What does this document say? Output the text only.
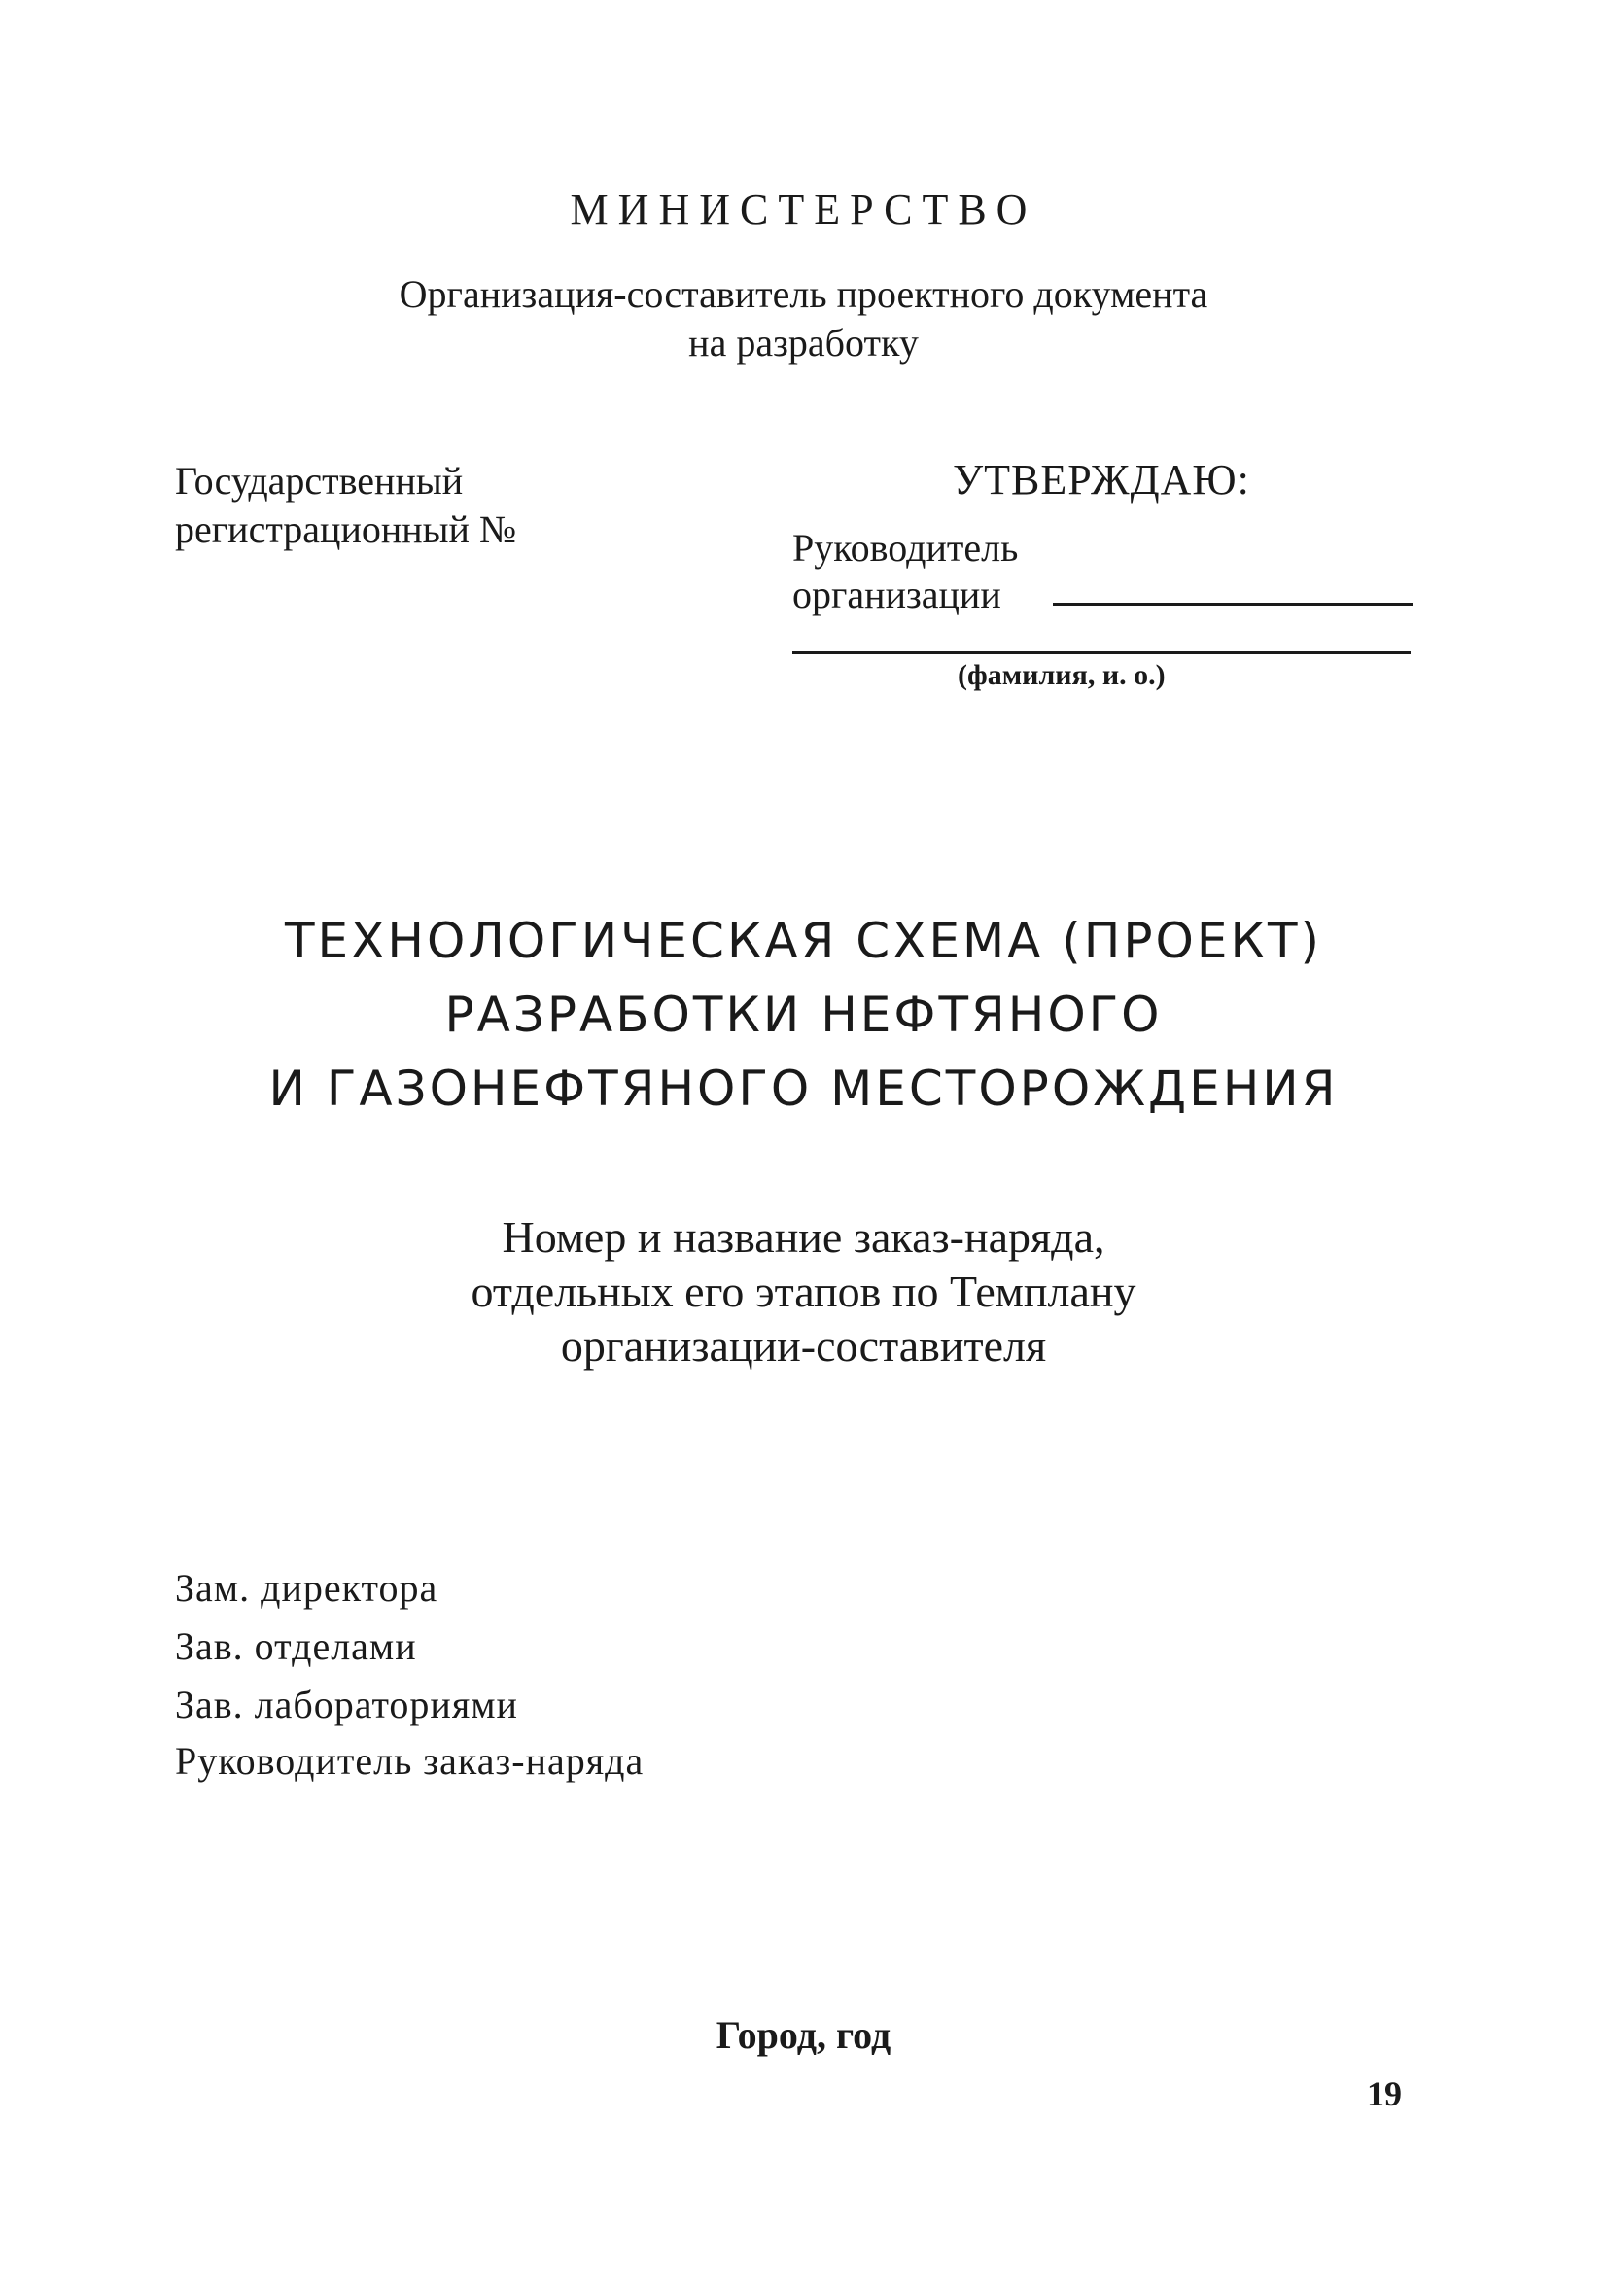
МИНИСТЕРСТВО
Организация-составитель проектного документа
на разработку
Государственный
регистрационный №
УТВЕРЖДАЮ:
Руководитель
организации
(фамилия, и. о.)
ТЕХНОЛОГИЧЕСКАЯ СХЕМА (ПРОЕКТ)
РАЗРАБОТКИ НЕФТЯНОГО
И ГАЗОНЕФТЯНОГО МЕСТОРОЖДЕНИЯ
Номер и название заказ-наряда,
отдельных его этапов по Темплану
организации-составителя
Зам. директора
Зав. отделами
Зав. лабораториями
Руководитель заказ-наряда
Город, год
19
